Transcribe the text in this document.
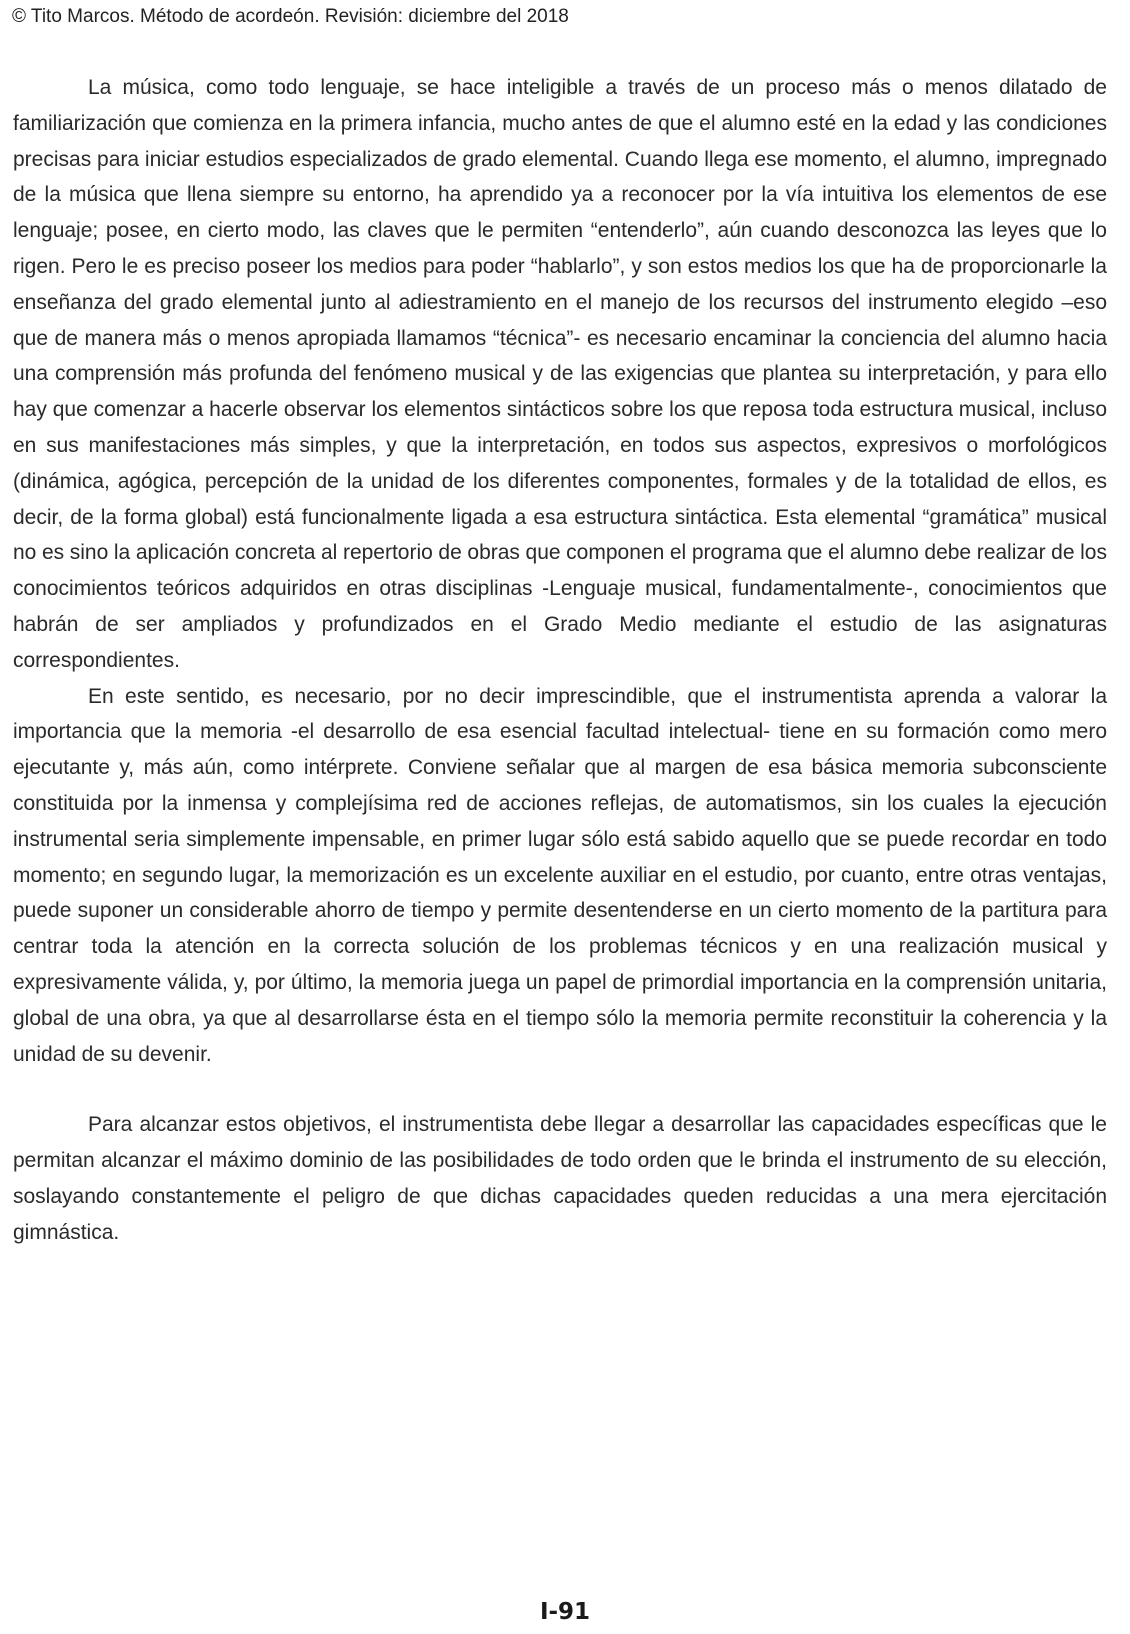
© Tito Marcos. Método de acordeón. Revisión: diciembre del 2018

La música, como todo lenguaje, se hace inteligible a través de un proceso más o menos dilatado de familiarización que comienza en la primera infancia, mucho antes de que el alumno esté en la edad y las condiciones precisas para iniciar estudios especializados de grado elemental. Cuando llega ese momento, el alumno, impregnado de la música que llena siempre su entorno, ha aprendido ya a reconocer por la vía intuitiva los elementos de ese lenguaje; posee, en cierto modo, las claves que le permiten “entenderlo”, aún cuando desconozca las leyes que lo rigen. Pero le es preciso poseer los medios para poder “hablarlo”, y son estos medios los que ha de proporcionarle la enseñanza del grado elemental junto al adiestramiento en el manejo de los recursos del instrumento elegido –eso que de manera más o menos apropiada llamamos “técnica”- es necesario encaminar la conciencia del alumno hacia una comprensión más profunda del fenómeno musical y de las exigencias que plantea su interpretación, y para ello hay que comenzar a hacerle observar los elementos sintácticos sobre los que reposa toda estructura musical, incluso en sus manifestaciones más simples, y que la interpretación, en todos sus aspectos, expresivos o morfológicos (dinámica, agógica, percepción de la unidad de los diferentes componentes, formales y de la totalidad de ellos, es decir, de la forma global) está funcionalmente ligada a esa estructura sintáctica. Esta elemental “gramática” musical no es sino la aplicación concreta al repertorio de obras que componen el programa que el alumno debe realizar de los conocimientos teóricos adquiridos en otras disciplinas -Lenguaje musical, fundamentalmente-, conocimientos que habrán de ser ampliados y profundizados en el Grado Medio mediante el estudio de las asignaturas correspondientes.

En este sentido, es necesario, por no decir imprescindible, que el instrumentista aprenda a valorar la importancia que la memoria -el desarrollo de esa esencial facultad intelectual- tiene en su formación como mero ejecutante y, más aún, como intérprete. Conviene señalar que al margen de esa básica memoria subconsciente constituida por la inmensa y complejísima red de acciones reflejas, de automatismos, sin los cuales la ejecución instrumental seria simplemente impensable, en primer lugar sólo está sabido aquello que se puede recordar en todo momento; en segundo lugar, la memorización es un excelente auxiliar en el estudio, por cuanto, entre otras ventajas, puede suponer un considerable ahorro de tiempo y permite desentenderse en un cierto momento de la partitura para centrar toda la atención en la correcta solución de los problemas técnicos y en una realización musical y expresivamente válida, y, por último, la memoria juega un papel de primordial importancia en la comprensión unitaria, global de una obra, ya que al desarrollarse ésta en el tiempo sólo la memoria permite reconstituir la coherencia y la unidad de su devenir.

Para alcanzar estos objetivos, el instrumentista debe llegar a desarrollar las capacidades específicas que le permitan alcanzar el máximo dominio de las posibilidades de todo orden que le brinda el instrumento de su elección, soslayando constantemente el peligro de que dichas capacidades queden reducidas a una mera ejercitación gimnástica.

I-91
